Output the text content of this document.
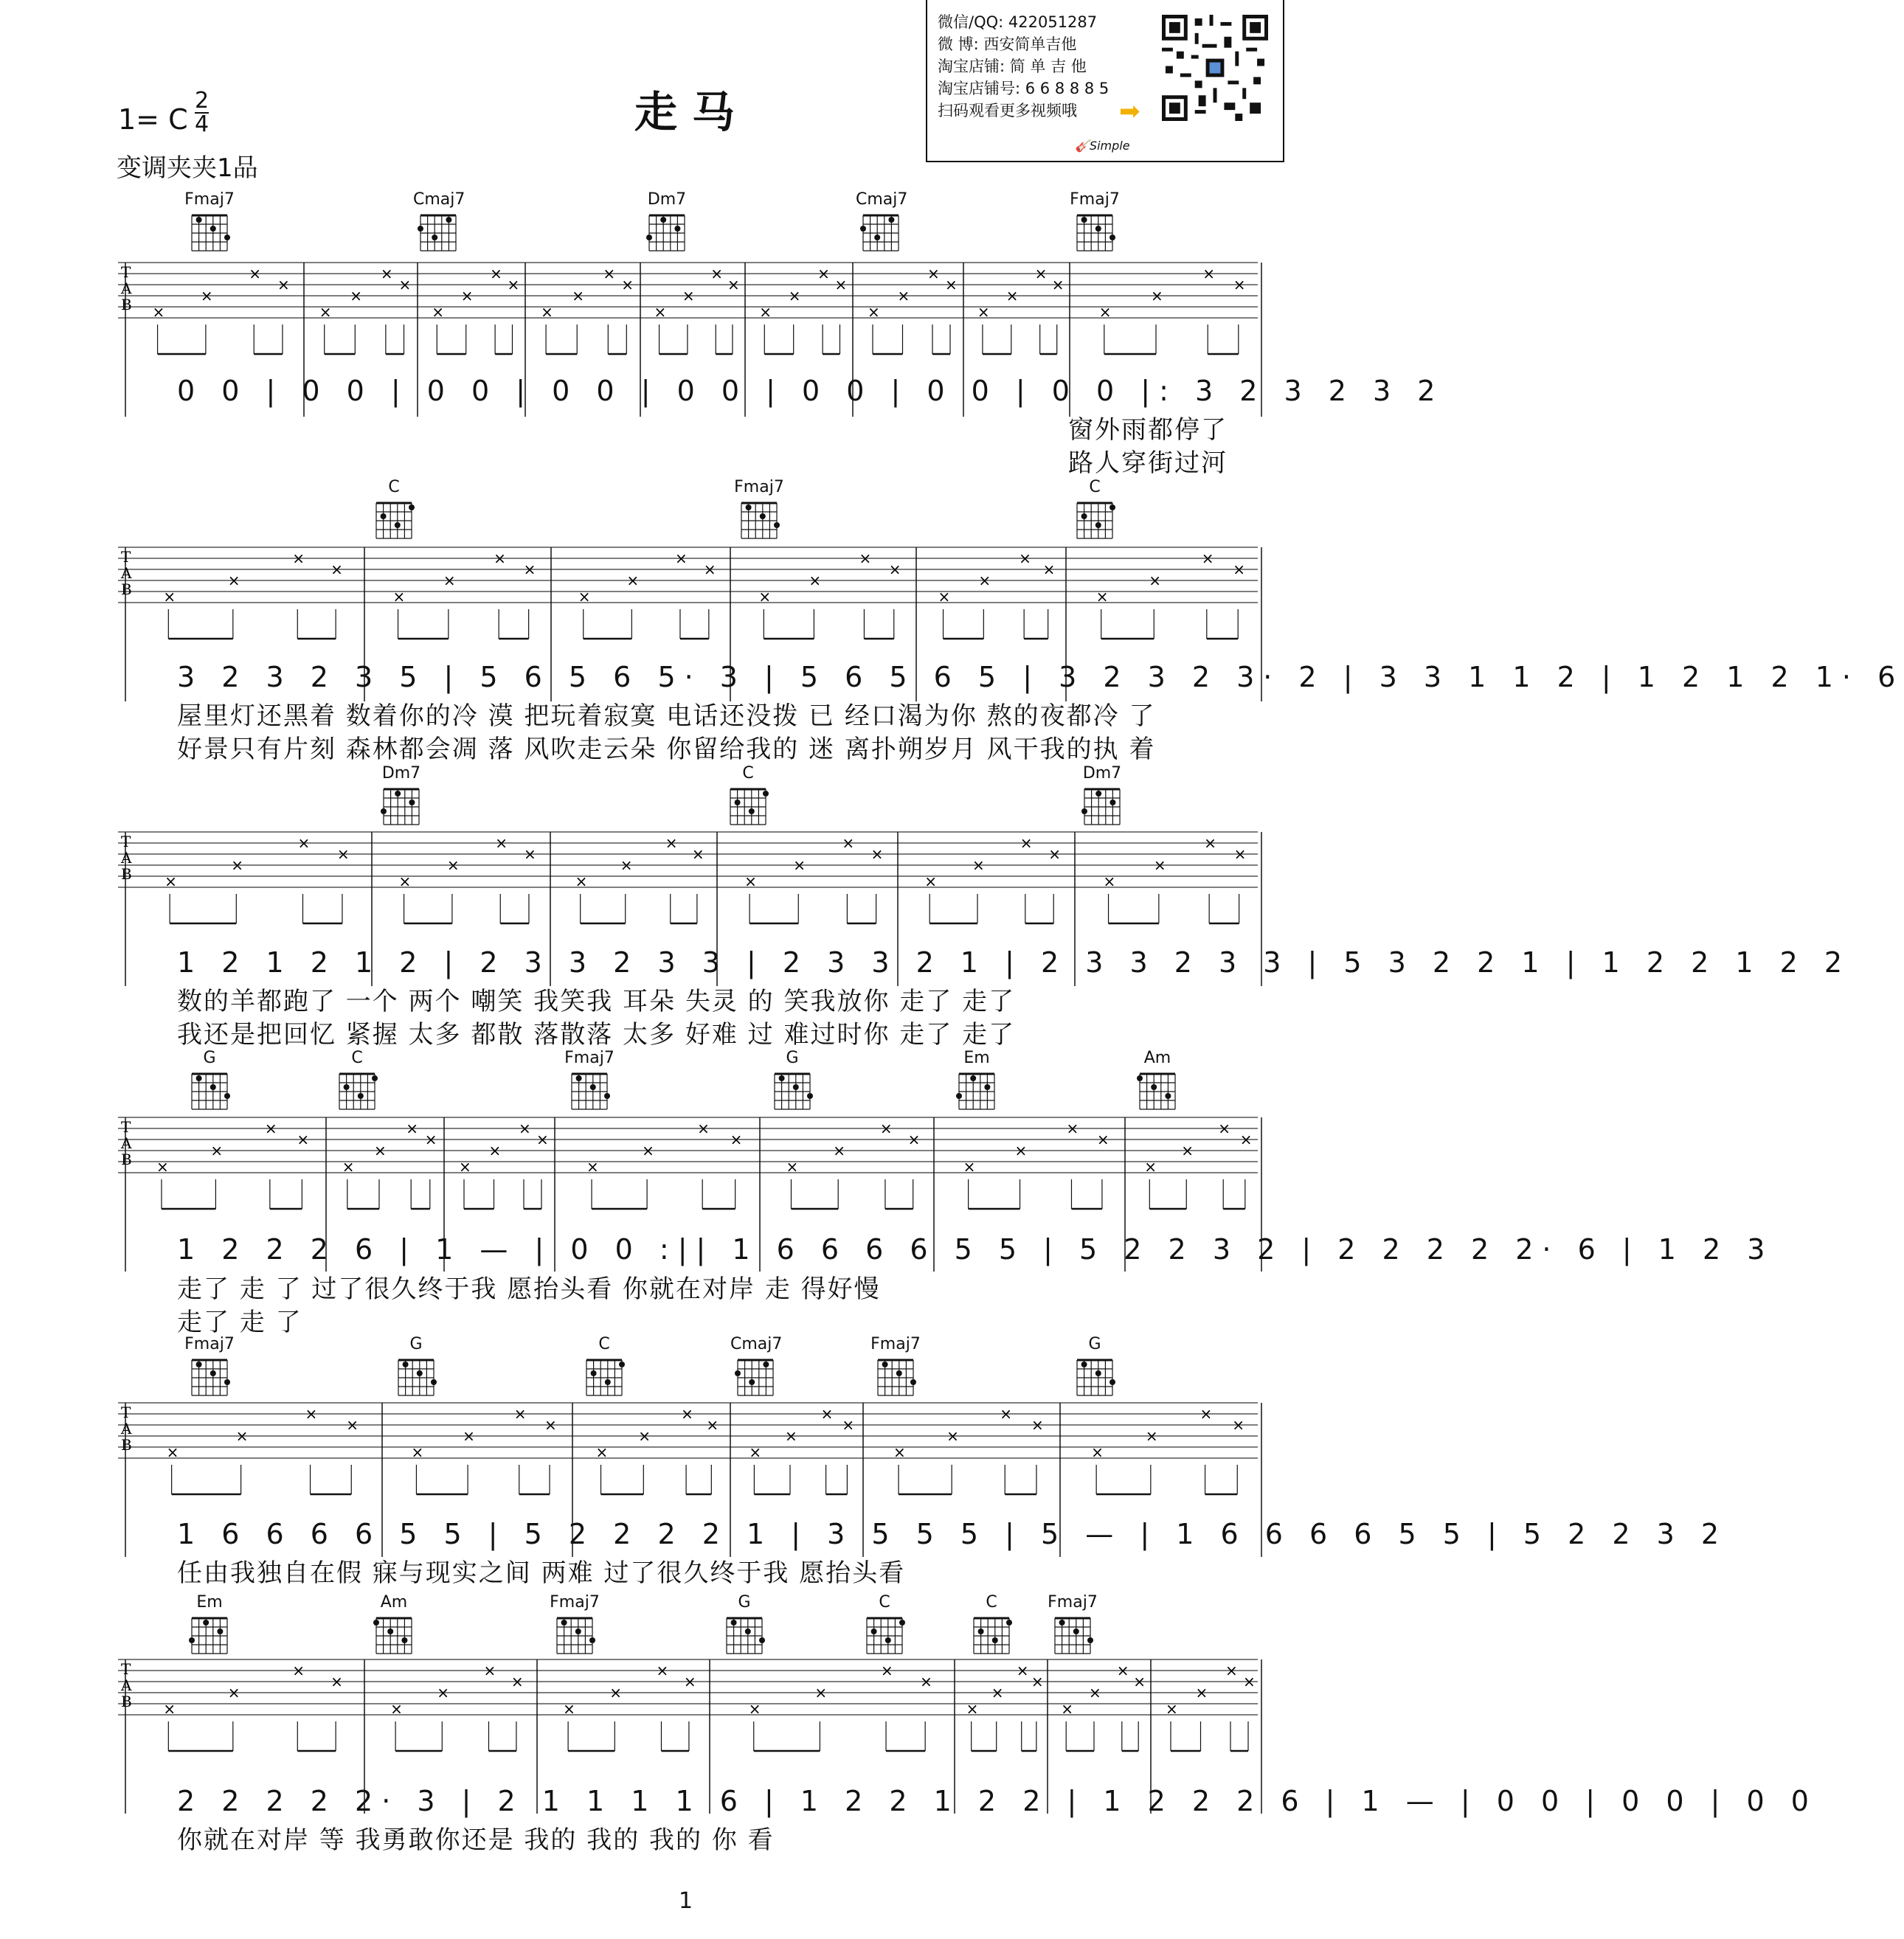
走马
1= C
2
4
变调夹夹1品
微信/QQ: 422051287
微 博: 西安简单吉他
淘宝店铺: 简 单 吉 他
淘宝店铺号: 6 6 8 8 8 5
扫码观看更多视频哦 ➡
🎸Simple
Fmaj7	Cmaj7	Dm7	Cmaj7	Fmaj7
T
A
B ×
×
×
×
×
×
×
×
×
×
×
×
×
×
×
×
×
×
×
×
×
×
×
×
×
×
×
×
×
×
×
×
×
×
×
×
0 0 | 0 0 | 0 0 | 0 0 | 0 0 | 0 0 | 0 0 | 0 0 |: 3 2 3 2 3 2
窗外雨都停了
路人穿街过河
C	Fmaj7	C
T
A
B ×
×
×
×
×
×
×
×
×
×
×
×
×
×
×
×
×
×
×
×
×
×
×
×
3 2 3 2 3 5 | 5 6 5 6 5· 3 | 5 6 5 6 5 | 3 2 3 2 3· 2 | 3 3 1 1 2 | 1 2 1 2 1· 6
屋里灯还黑着 数着你的冷 漠 把玩着寂寞 电话还没拨 已 经口渴为你 熬的夜都冷 了
好景只有片刻 森林都会凋 落 风吹走云朵 你留给我的 迷 离扑朔岁月 风干我的执 着
Dm7	C	Dm7
T
A
B ×
×
×
×
×
×
×
×
×
×
×
×
×
×
×
×
×
×
×
×
×
×
×
×
1 2 1 2 1 2 | 2 3 3 2 3 3 | 2 3 3 2 1 | 2 3 3 2 3 3 | 5 3 2 2 1 | 1 2 2 1 2 2
数的羊都跑了 一个 两个 嘲笑 我笑我 耳朵 失灵 的 笑我放你 走了 走了
我还是把回忆 紧握 太多 都散 落散落 太多 好难 过 难过时你 走了 走了
G	C	Fmaj7	G	Em	Am
T
A
B ×
×
×
×
×
×
×
×
×
×
×
×
×
×
×
×
×
×
×
×
×
×
×
×
×
×
×
×
1 2 2 2 6 | 1 — | 0 0 :|| 1 6 6 6 6 5 5 | 5 2 2 3 2 | 2 2 2 2 2· 6 | 1 2 3
走了 走 了 过了很久终于我 愿抬头看 你就在对岸 走 得好慢
走了 走 了
Fmaj7	G	C	Cmaj7	Fmaj7	G
T
A
B ×
×
×
×
×
×
×
×
×
×
×
×
×
×
×
×
×
×
×
×
×
×
×
×
1 6 6 6 6 5 5 | 5 2 2 2 2 1 | 3 5 5 5 | 5 — | 1 6 6 6 6 5 5 | 5 2 2 3 2
任由我独自在假 寐与现实之间 两难 过了很久终于我 愿抬头看
Em	Am	Fmaj7	G	C	C	Fmaj7
T
A
B ×
×
×
×
×
×
×
×
×
×
×
×
×
×
×
×
×
×
×
×
×
×
×
×
×
×
×
×
2 2 2 2 2· 3 | 2 1 1 1 1 6 | 1 2 2 1 2 2 | 1 2 2 2 6 | 1 — | 0 0 | 0 0 | 0 0
你就在对岸 等 我勇敢你还是 我的 我的 我的 你 看
1
